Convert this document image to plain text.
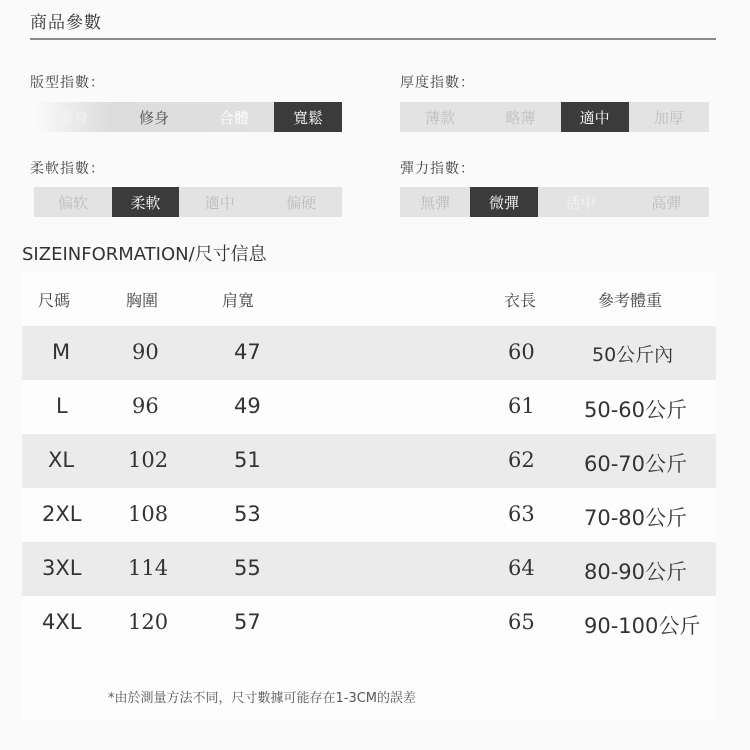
商品參數
版型指數：
緊身	修身	合體	寬鬆
厚度指數：
薄款	略薄	適中	加厚
柔軟指數：
偏软	柔軟	適中	偏硬
彈力指數：
無彈	微彈	活中	高彈
SIZEINFORMATION/尺寸信息
尺碼	胸圍	肩寬	衣長	參考體重
M	90	47	60	50公斤內
L	96	49	61 50-60公斤
XL	102	51	62 60-70公斤
2XL 108	53	63 70-80公斤
3XL 114	55	64 80-90公斤
4XL 120	57	65 90-100公斤
*由於測量方法不同，尺寸數據可能存在1-3CM的誤差
